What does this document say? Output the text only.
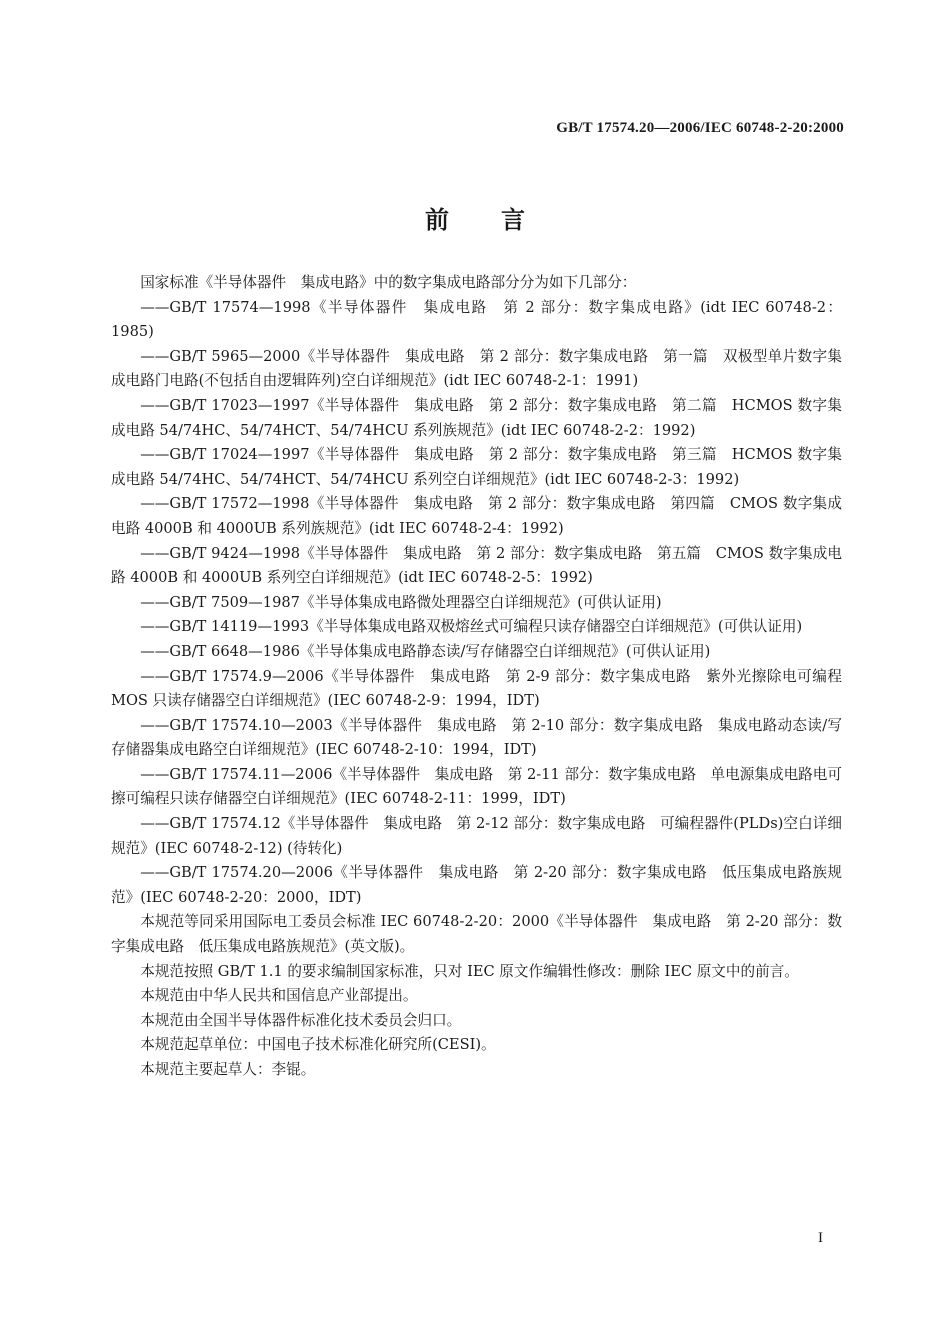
GB/T 17574.20—2006/IEC 60748-2-20:2000
前言

国家标准《半导体器件　集成电路》中的数字集成电路部分分为如下几部分：

——GB/T 17574—1998《半导体器件　集成电路　第 2 部分：数字集成电路》(idt IEC 60748-2：1985)

——GB/T 5965—2000《半导体器件　集成电路　第 2 部分：数字集成电路　第一篇　双极型单片数字集成电路门电路(不包括自由逻辑阵列)空白详细规范》(idt IEC 60748-2-1：1991)

——GB/T 17023—1997《半导体器件　集成电路　第 2 部分：数字集成电路　第二篇　HCMOS 数字集成电路 54/74HC、54/74HCT、54/74HCU 系列族规范》(idt IEC 60748-2-2：1992)

——GB/T 17024—1997《半导体器件　集成电路　第 2 部分：数字集成电路　第三篇　HCMOS 数字集成电路 54/74HC、54/74HCT、54/74HCU 系列空白详细规范》(idt IEC 60748-2-3：1992)

——GB/T 17572—1998《半导体器件　集成电路　第 2 部分：数字集成电路　第四篇　CMOS 数字集成电路 4000B 和 4000UB 系列族规范》(idt IEC 60748-2-4：1992)

——GB/T 9424—1998《半导体器件　集成电路　第 2 部分：数字集成电路　第五篇　CMOS 数字集成电路 4000B 和 4000UB 系列空白详细规范》(idt IEC 60748-2-5：1992)

——GB/T 7509—1987《半导体集成电路微处理器空白详细规范》(可供认证用)

——GB/T 14119—1993《半导体集成电路双极熔丝式可编程只读存储器空白详细规范》(可供认证用)

——GB/T 6648—1986《半导体集成电路静态读/写存储器空白详细规范》(可供认证用)

——GB/T 17574.9—2006《半导体器件　集成电路　第 2-9 部分：数字集成电路　紫外光擦除电可编程 MOS 只读存储器空白详细规范》(IEC 60748-2-9：1994，IDT)

——GB/T 17574.10—2003《半导体器件　集成电路　第 2-10 部分：数字集成电路　集成电路动态读/写存储器集成电路空白详细规范》(IEC 60748-2-10：1994，IDT)

——GB/T 17574.11—2006《半导体器件　集成电路　第 2-11 部分：数字集成电路　单电源集成电路电可擦可编程只读存储器空白详细规范》(IEC 60748-2-11：1999，IDT)

——GB/T 17574.12《半导体器件　集成电路　第 2-12 部分：数字集成电路　可编程器件(PLDs)空白详细规范》(IEC 60748-2-12) (待转化)

——GB/T 17574.20—2006《半导体器件　集成电路　第 2-20 部分：数字集成电路　低压集成电路族规范》(IEC 60748-2-20：2000，IDT)

本规范等同采用国际电工委员会标准 IEC 60748-2-20：2000《半导体器件　集成电路　第 2-20 部分：数字集成电路　低压集成电路族规范》(英文版)。

本规范按照 GB/T 1.1 的要求编制国家标准，只对 IEC 原文作编辑性修改：删除 IEC 原文中的前言。

本规范由中华人民共和国信息产业部提出。

本规范由全国半导体器件标准化技术委员会归口。

本规范起草单位：中国电子技术标准化研究所(CESI)。

本规范主要起草人：李锟。

I
